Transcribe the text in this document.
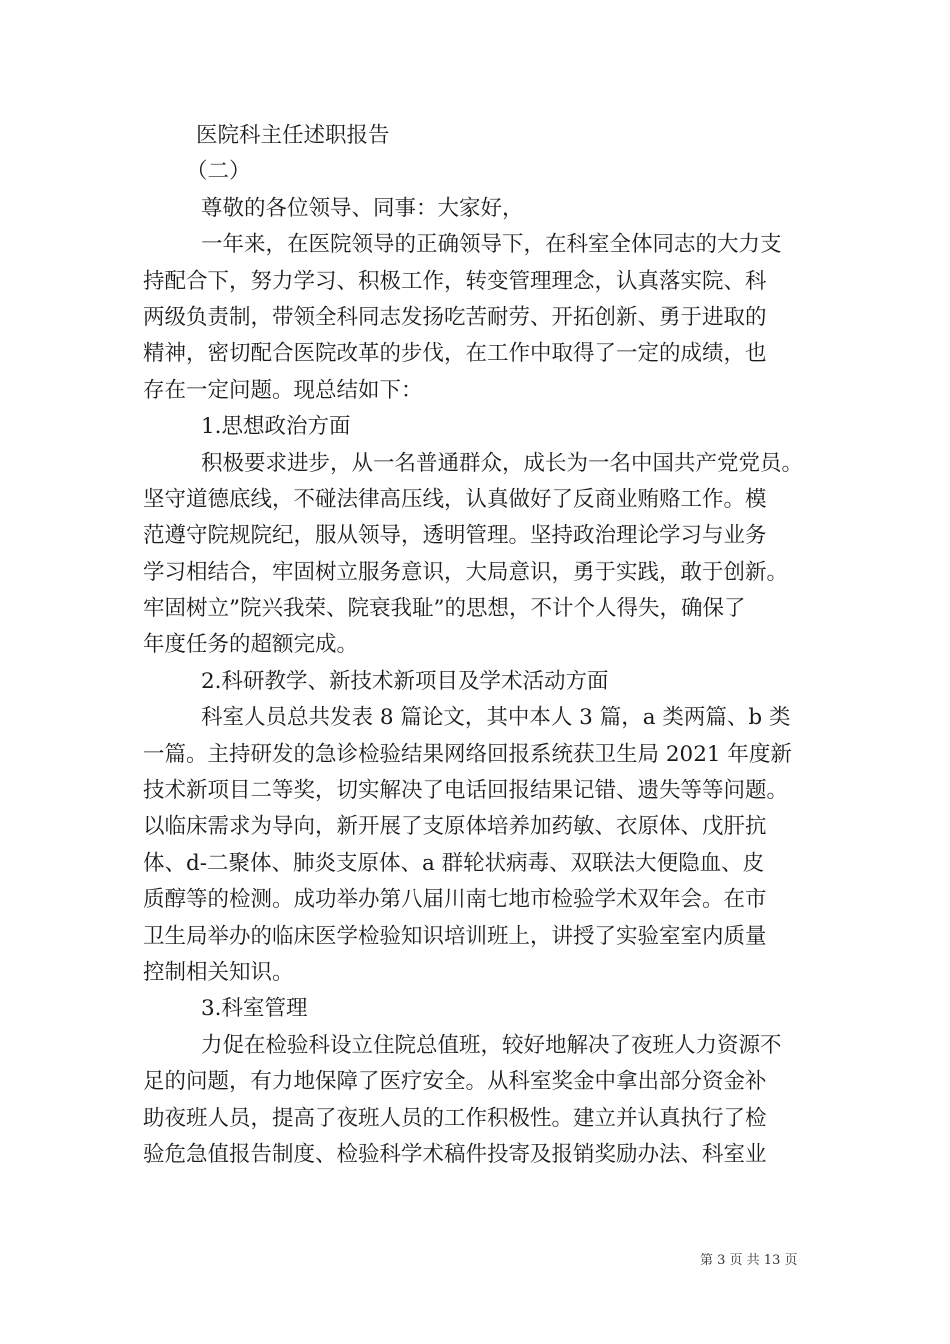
医院科主任述职报告
（二）
尊敬的各位领导、同事：大家好，
一年来，在医院领导的正确领导下，在科室全体同志的大力支
持配合下，努力学习、积极工作，转变管理理念，认真落实院、科
两级负责制，带领全科同志发扬吃苦耐劳、开拓创新、勇于进取的
精神，密切配合医院改革的步伐，在工作中取得了一定的成绩，也
存在一定问题。现总结如下：
1.思想政治方面
积极要求进步，从一名普通群众，成长为一名中国共产党党员。
坚守道德底线，不碰法律高压线，认真做好了反商业贿赂工作。模
范遵守院规院纪，服从领导，透明管理。坚持政治理论学习与业务
学习相结合，牢固树立服务意识，大局意识，勇于实践，敢于创新。
牢固树立”院兴我荣、院衰我耻”的思想，不计个人得失，确保了
年度任务的超额完成。
2.科研教学、新技术新项目及学术活动方面
科室人员总共发表 8 篇论文，其中本人 3 篇，a 类两篇、b 类
一篇。主持研发的急诊检验结果网络回报系统获卫生局 2021 年度新
技术新项目二等奖，切实解决了电话回报结果记错、遗失等等问题。
以临床需求为导向，新开展了支原体培养加药敏、衣原体、戊肝抗
体、d-二聚体、肺炎支原体、a 群轮状病毒、双联法大便隐血、皮
质醇等的检测。成功举办第八届川南七地市检验学术双年会。在市
卫生局举办的临床医学检验知识培训班上，讲授了实验室室内质量
控制相关知识。
3.科室管理
力促在检验科设立住院总值班，较好地解决了夜班人力资源不
足的问题，有力地保障了医疗安全。从科室奖金中拿出部分资金补
助夜班人员，提高了夜班人员的工作积极性。建立并认真执行了检
验危急值报告制度、检验科学术稿件投寄及报销奖励办法、科室业
第 3 页 共 13 页
